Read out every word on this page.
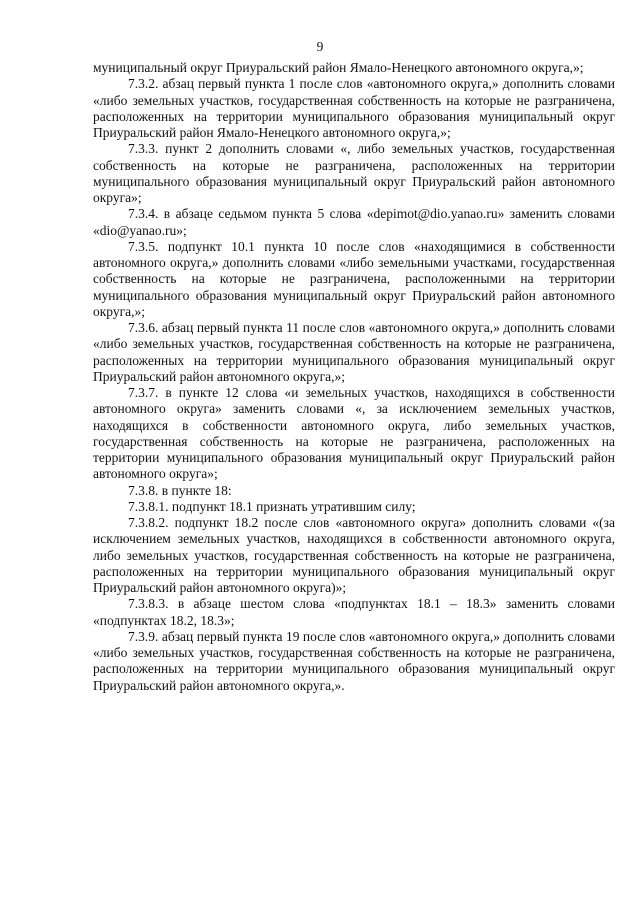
9

муниципальный округ Приуральский район Ямало-Ненецкого автономного округа,»;

7.3.2. абзац первый пункта 1 после слов «автономного округа,» дополнить словами «либо земельных участков, государственная собственность на которые не разграничена, расположенных на территории муниципального образования муниципальный округ Приуральский район Ямало-Ненецкого автономного округа,»;

7.3.3. пункт 2 дополнить словами «, либо земельных участков, государственная собственность на которые не разграничена, расположенных на территории муниципального образования муниципальный округ Приуральский район автономного округа»;

7.3.4. в абзаце седьмом пункта 5 слова «depimot@dio.yanao.ru» заменить словами «dio@yanao.ru»;

7.3.5. подпункт 10.1 пункта 10 после слов «находящимися в собственности автономного округа,» дополнить словами «либо земельными участками, государственная собственность на которые не разграничена, расположенными на территории муниципального образования муниципальный округ Приуральский район автономного округа,»;

7.3.6. абзац первый пункта 11 после слов «автономного округа,» дополнить словами «либо земельных участков, государственная собственность на которые не разграничена, расположенных на территории муниципального образования муниципальный округ Приуральский район автономного округа,»;

7.3.7. в пункте 12 слова «и земельных участков, находящихся в собственности автономного округа» заменить словами «, за исключением земельных участков, находящихся в собственности автономного округа, либо земельных участков, государственная собственность на которые не разграничена, расположенных на территории муниципального образования муниципальный округ Приуральский район автономного округа»;

7.3.8. в пункте 18:

7.3.8.1. подпункт 18.1 признать утратившим силу;

7.3.8.2. подпункт 18.2 после слов «автономного округа» дополнить словами «(за исключением земельных участков, находящихся в собственности автономного округа, либо земельных участков, государственная собственность на которые не разграничена, расположенных на территории муниципального образования муниципальный округ Приуральский район автономного округа)»;

7.3.8.3. в абзаце шестом слова «подпунктах 18.1 – 18.3» заменить словами «подпунктах 18.2, 18.3»;

7.3.9. абзац первый пункта 19 после слов «автономного округа,» дополнить словами «либо земельных участков, государственная собственность на которые не разграничена, расположенных на территории муниципального образования муниципальный округ Приуральский район автономного округа,».
